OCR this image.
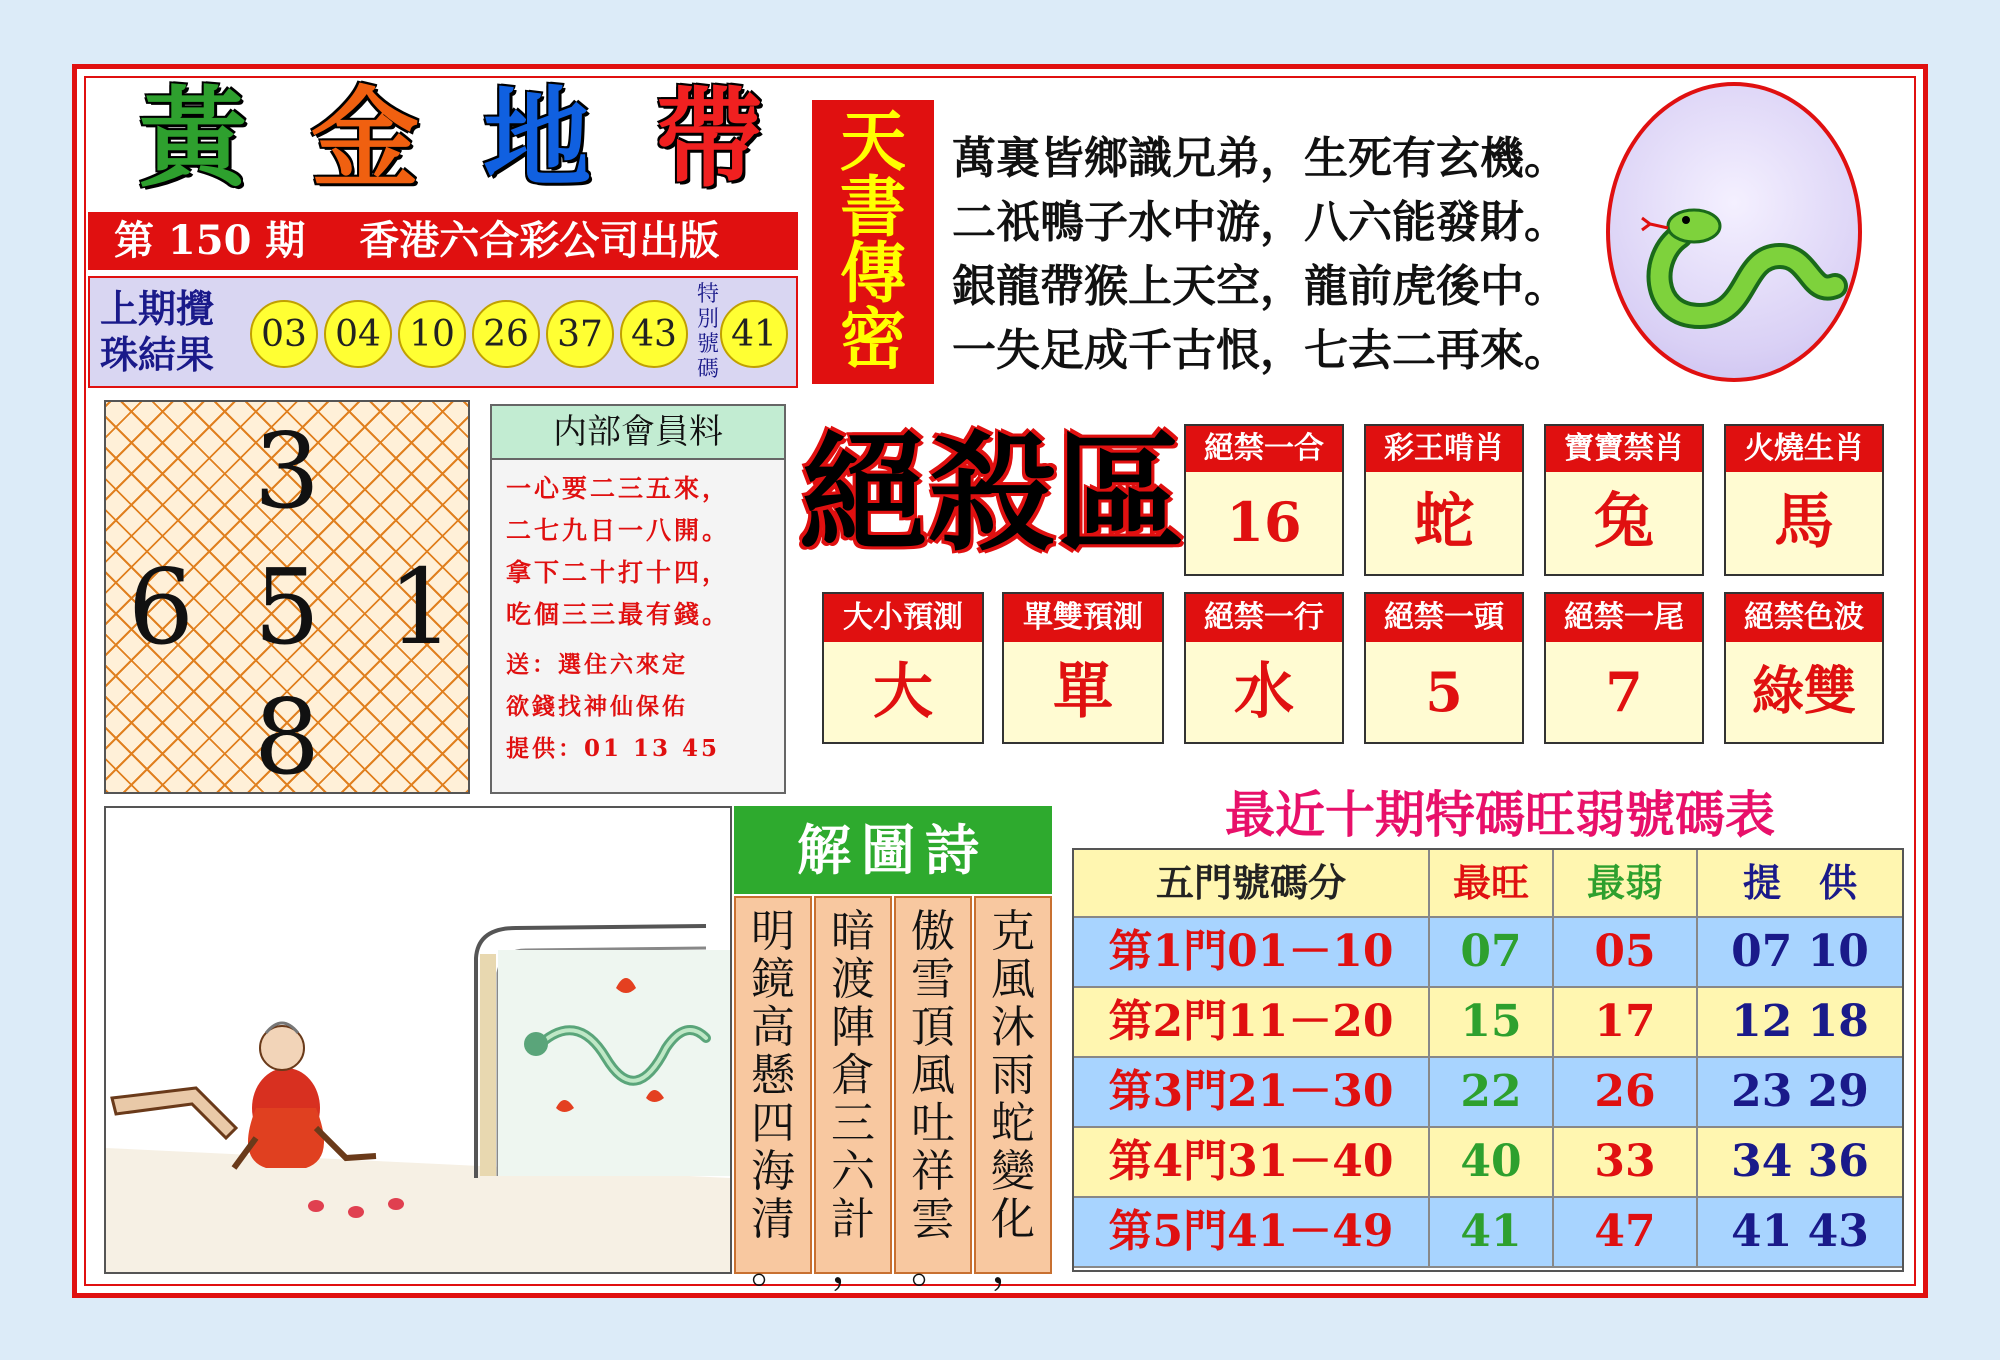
黃 金 地 帶
第 150 期　 香港六合彩公司出版
上期攪
珠結果	03 04 10 26 37 43
特別號碼
41
天
書
傳
密
萬裏皆鄉識兄弟，生死有玄機。
二祇鴨子水中游，八六能發財。
銀龍帶猴上天空，龍前虎後中。
一失足成千古恨，七去二再來。
3
6 5 1
8
内部會員料
一心要二三五來，
二七九日一八開。
拿下二十打十四，
吃個三三最有錢。
送：選住六來定
欲錢找神仙保佑
提供：01 13 45
絕殺區 絕禁一合
16
彩王啃肖
蛇
寶寶禁肖
兔
火燒生肖
馬
大小預測
大
單雙預測
單
絕禁一行
水
絕禁一頭
5
絕禁一尾
7
絕禁色波
綠雙
最近十期特碼旺弱號碼表
五門號碼分	最旺	最弱	提　供
第1門01－10	07	05	07 10
第2門11－20	15	17	12 18
第3門21－30	22	26	23 29
第4門31－40	40	33	34 36
第5門41－49	41	47	41 43
解圖詩
明
鏡
高
懸
四
海
清
。
暗
渡
陣
倉
三
六
計
，
傲
雪
頂
風
吐
祥
雲
。
克
風
沐
雨
蛇
變
化
，
